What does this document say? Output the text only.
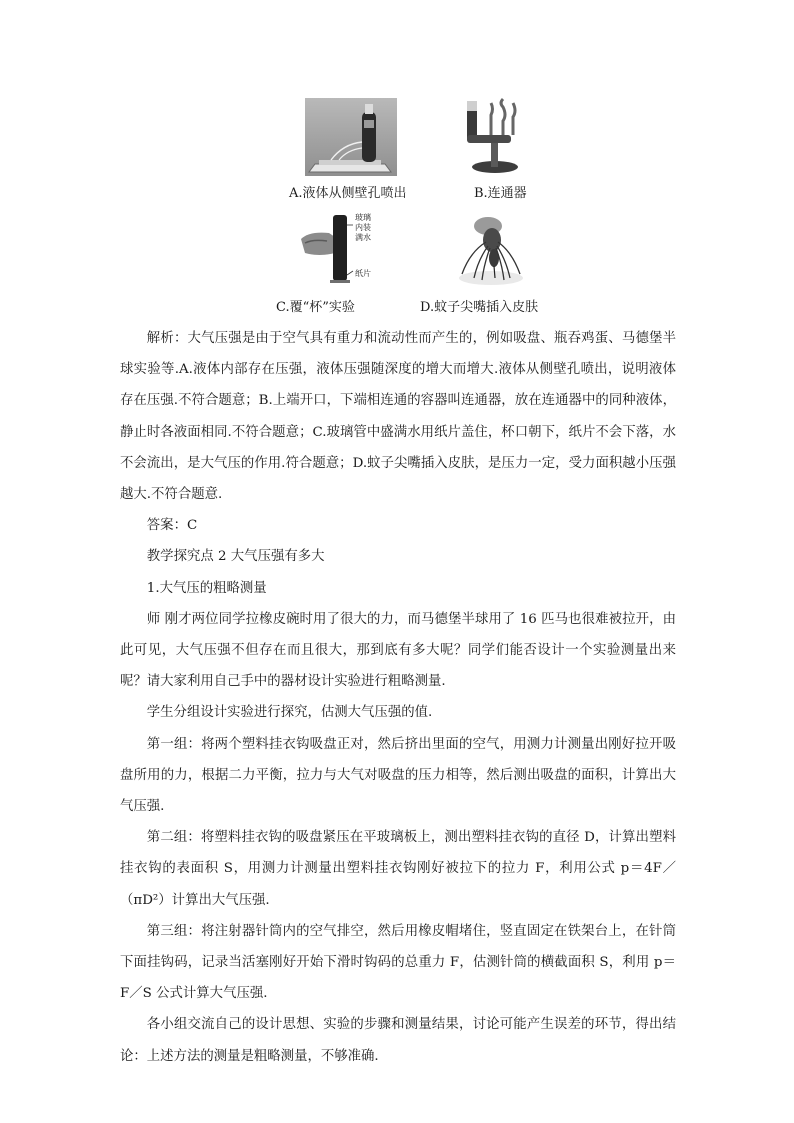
A.液体从侧壁孔喷出	B.连通器
玻璃
内装
满水
纸片
C.覆“杯”实验	D.蚊子尖嘴插入皮肤

解析：大气压强是由于空气具有重力和流动性而产生的，例如吸盘、瓶吞鸡蛋、马德堡半球实验等.A.液体内部存在压强，液体压强随深度的增大而增大.液体从侧壁孔喷出，说明液体存在压强.不符合题意；B.上端开口，下端相连通的容器叫连通器，放在连通器中的同种液体，静止时各液面相同.不符合题意；C.玻璃管中盛满水用纸片盖住，杯口朝下，纸片不会下落，水不会流出，是大气压的作用.符合题意；D.蚊子尖嘴插入皮肤，是压力一定，受力面积越小压强越大.不符合题意.

答案：C

教学探究点 2 大气压强有多大

1.大气压的粗略测量

师 刚才两位同学拉橡皮碗时用了很大的力，而马德堡半球用了 16 匹马也很难被拉开，由此可见，大气压强不但存在而且很大，那到底有多大呢？同学们能否设计一个实验测量出来呢？请大家利用自己手中的器材设计实验进行粗略测量.

学生分组设计实验进行探究，估测大气压强的值.

第一组：将两个塑料挂衣钩吸盘正对，然后挤出里面的空气，用测力计测量出刚好拉开吸盘所用的力，根据二力平衡，拉力与大气对吸盘的压力相等，然后测出吸盘的面积，计算出大气压强.

第二组：将塑料挂衣钩的吸盘紧压在平玻璃板上，测出塑料挂衣钩的直径 D，计算出塑料挂衣钩的表面积 S，用测力计测量出塑料挂衣钩刚好被拉下的拉力 F，利用公式 p＝4F／（πD²）计算出大气压强.

第三组：将注射器针筒内的空气排空，然后用橡皮帽堵住，竖直固定在铁架台上，在针筒下面挂钩码，记录当活塞刚好开始下滑时钩码的总重力 F，估测针筒的横截面积 S，利用 p＝F／S 公式计算大气压强.

各小组交流自己的设计思想、实验的步骤和测量结果，讨论可能产生误差的环节，得出结论：上述方法的测量是粗略测量，不够准确.
